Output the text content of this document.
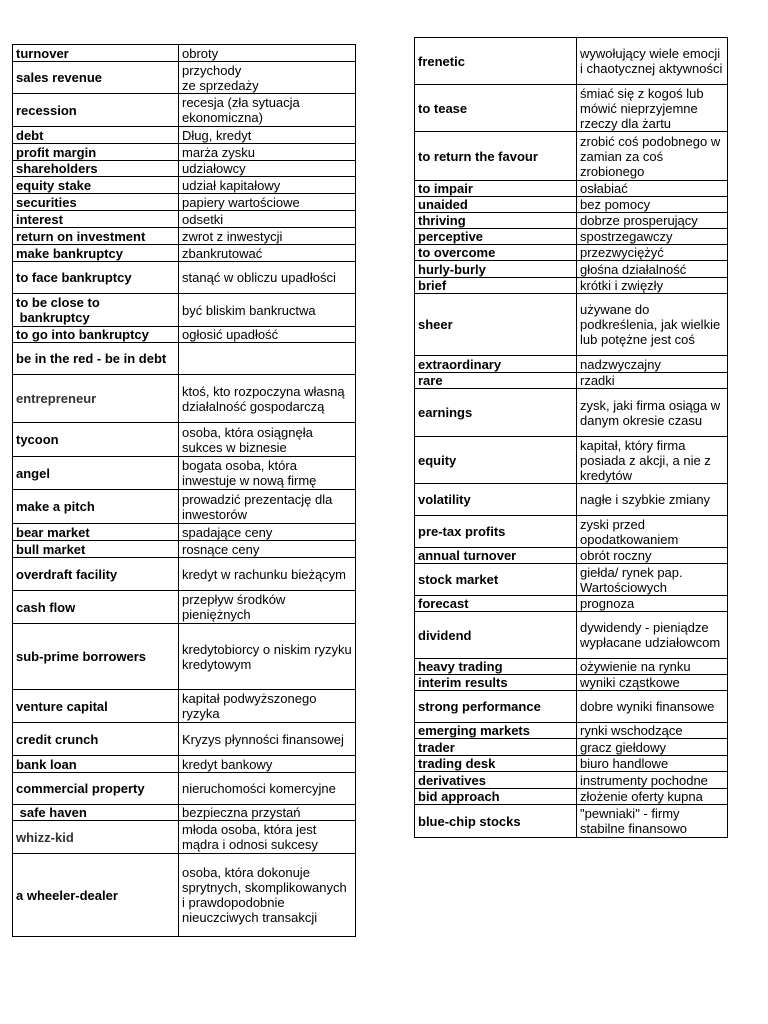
turnover	obroty
sales revenue	przychody
ze sprzedaży
recession	recesja (zła sytuacja ekonomiczna)
debt	Dług, kredyt
profit margin	marża zysku
shareholders	udziałowcy
equity stake	udział kapitałowy
securities	papiery wartościowe
interest	odsetki
return on investment	zwrot z inwestycji
make bankruptcy	zbankrutować
to face bankruptcy	stanąć w obliczu upadłości
to be close to
bankruptcy	być bliskim bankructwa
to go into bankruptcy	ogłosić upadłość
be in the red - be in debt	
entrepreneur	ktoś, kto rozpoczyna własną działalność gospodarczą
tycoon	osoba, która osiągnęła sukces w biznesie
angel	bogata osoba, która inwestuje w nową firmę
make a pitch	prowadzić prezentację dla inwestorów
bear market	spadające ceny
bull market	rosnące ceny
overdraft facility	kredyt w rachunku bieżącym
cash flow	przepływ środków pieniężnych
sub-prime borrowers	kredytobiorcy o niskim ryzyku kredytowym
venture capital	kapitał podwyższonego ryzyka
credit crunch	Kryzys płynności finansowej
bank loan	kredyt bankowy
commercial property	nieruchomości komercyjne
safe haven	bezpieczna przystań
whizz-kid	młoda osoba, która jest mądra i odnosi sukcesy
a wheeler-dealer	osoba, która dokonuje sprytnych, skomplikowanych i prawdopodobnie nieuczciwych transakcji
frenetic	wywołujący wiele emocji i chaotycznej aktywności
to tease	śmiać się z kogoś lub mówić nieprzyjemne rzeczy dla żartu
to return the favour	zrobić coś podobnego w zamian za coś zrobionego
to impair	osłabiać
unaided	bez pomocy
thriving	dobrze prosperujący
perceptive	spostrzegawczy
to overcome	przezwyciężyć
hurly-burly	głośna działalność
brief	krótki i zwięzły
sheer	używane do podkreślenia, jak wielkie lub potężne jest coś
extraordinary	nadzwyczajny
rare	rzadki
earnings	zysk, jaki firma osiąga w danym okresie czasu
equity	kapitał, który firma posiada z akcji, a nie z kredytów
volatility	nagłe i szybkie zmiany
pre-tax profits	zyski przed opodatkowaniem
annual turnover	obrót roczny
stock market	giełda/ rynek pap. Wartościowych
forecast	prognoza
dividend	dywidendy - pieniądze wypłacane udziałowcom
heavy trading	ożywienie na rynku
interim results	wyniki cząstkowe
strong performance	dobre wyniki finansowe
emerging markets	rynki wschodzące
trader	gracz giełdowy
trading desk	biuro handlowe
derivatives	instrumenty pochodne
bid approach	złożenie oferty kupna
blue-chip stocks	"pewniaki" - firmy stabilne finansowo
